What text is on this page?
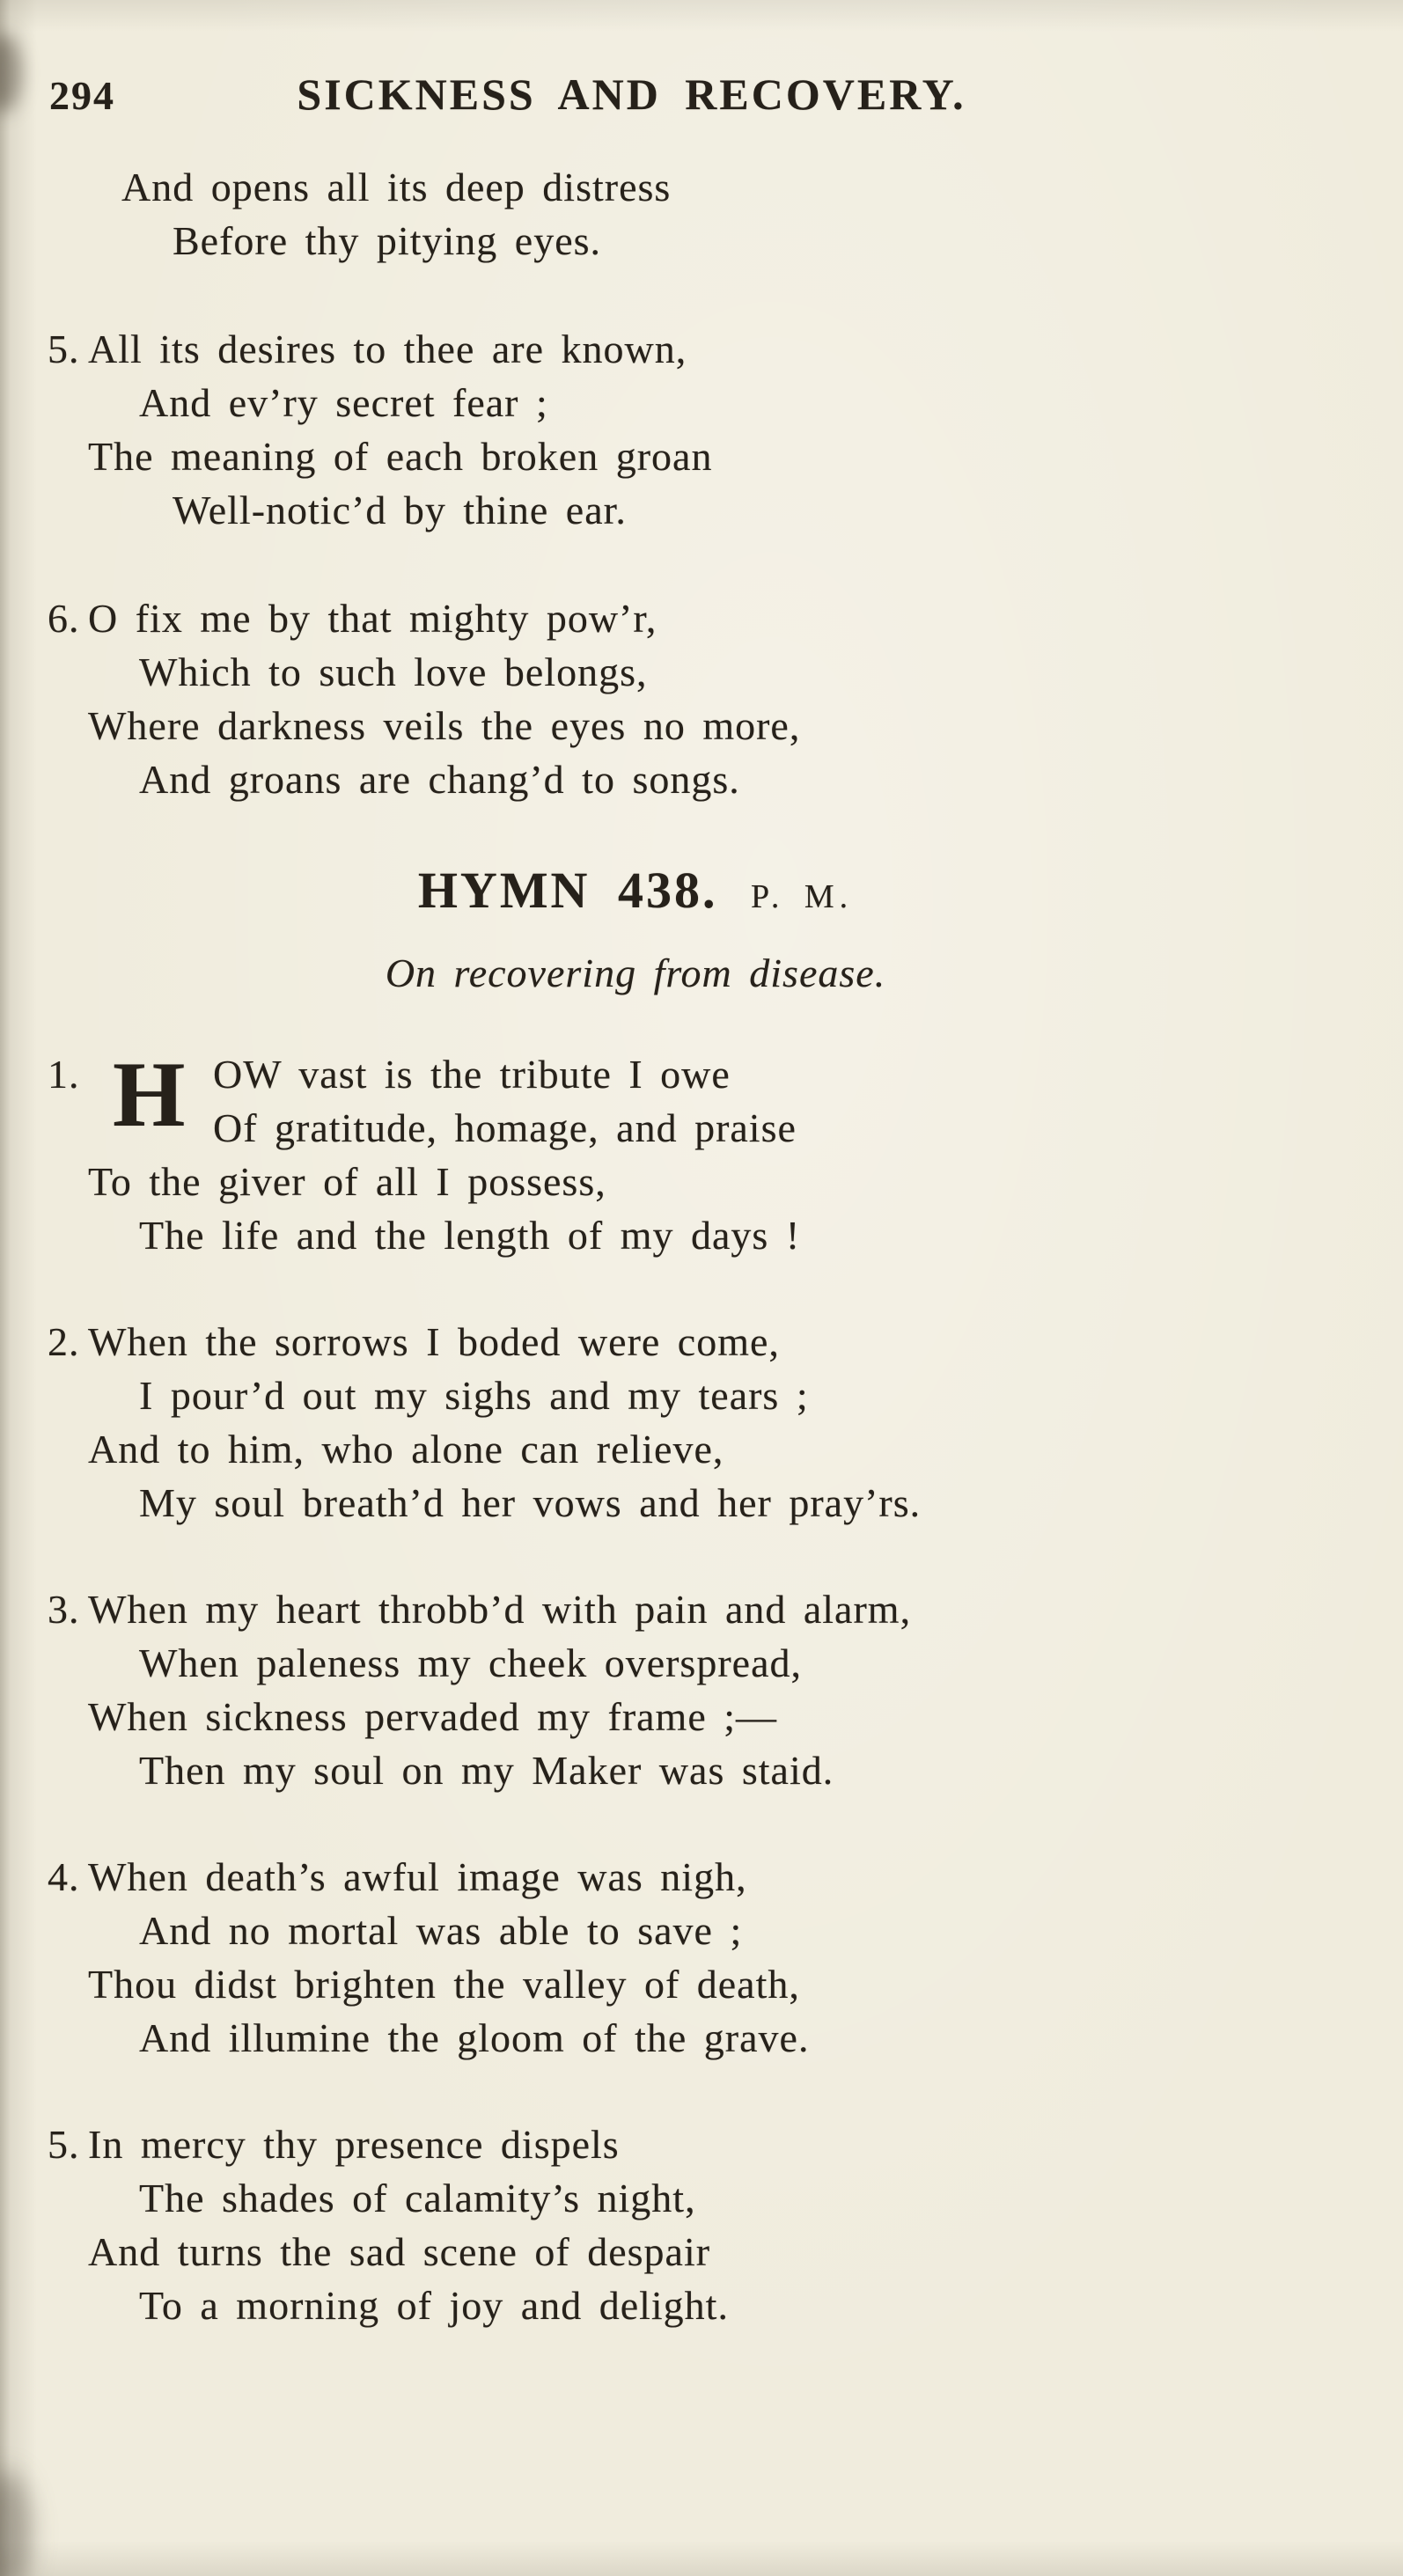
294	SICKNESS AND RECOVERY.
And opens all its deep distress
Before thy pitying eyes.
5. All its desires to thee are known,
And ev’ry secret fear ;
The meaning of each broken groan
Well-notic’d by thine ear.
6. O fix me by that mighty pow’r,
Which to such love belongs,
Where darkness veils the eyes no more,
And groans are chang’d to songs.
HYMN 438. P. M.
On recovering from disease.
1. H OW vast is the tribute I owe
Of gratitude, homage, and praise
To the giver of all I possess,
The life and the length of my days !
2. When the sorrows I boded were come,
I pour’d out my sighs and my tears ;
And to him, who alone can relieve,
My soul breath’d her vows and her pray’rs.
3. When my heart throbb’d with pain and alarm,
When paleness my cheek overspread,
When sickness pervaded my frame ;—
Then my soul on my Maker was staid.
4. When death’s awful image was nigh,
And no mortal was able to save ;
Thou didst brighten the valley of death,
And illumine the gloom of the grave.
5. In mercy thy presence dispels
The shades of calamity’s night,
And turns the sad scene of despair
To a morning of joy and delight.
